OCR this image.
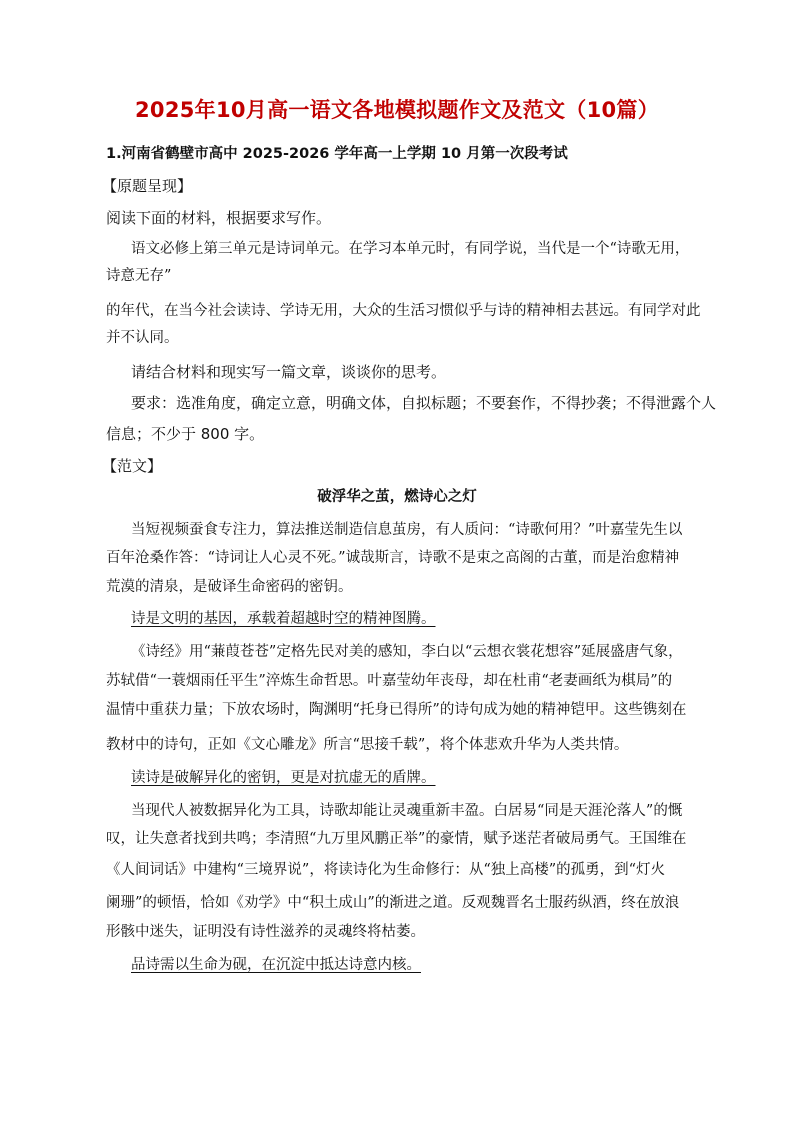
2025年10月高一语文各地模拟题作文及范文（10篇）
1.河南省鹤壁市高中 2025-2026 学年高一上学期 10 月第一次段考试
【原题呈现】
阅读下面的材料，根据要求写作。
语文必修上第三单元是诗词单元。在学习本单元时，有同学说，当代是一个“诗歌无用，
诗意无存”
的年代，在当今社会读诗、学诗无用，大众的生活习惯似乎与诗的精神相去甚远。有同学对此
并不认同。
请结合材料和现实写一篇文章，谈谈你的思考。
要求：选准角度，确定立意，明确文体，自拟标题；不要套作，不得抄袭；不得泄露个人
信息；不少于 800 字。
【范文】
破浮华之茧，燃诗心之灯
当短视频蚕食专注力，算法推送制造信息茧房，有人质问：“诗歌何用？”叶嘉莹先生以
百年沧桑作答：“诗词让人心灵不死。”诚哉斯言，诗歌不是束之高阁的古董，而是治愈精神
荒漠的清泉，是破译生命密码的密钥。
诗是文明的基因，承载着超越时空的精神图腾。
《诗经》用“蒹葭苍苍”定格先民对美的感知，李白以“云想衣裳花想容”延展盛唐气象，
苏轼借“一蓑烟雨任平生”淬炼生命哲思。叶嘉莹幼年丧母，却在杜甫“老妻画纸为棋局”的
温情中重获力量；下放农场时，陶渊明“托身已得所”的诗句成为她的精神铠甲。这些镌刻在
教材中的诗句，正如《文心雕龙》所言“思接千载”，将个体悲欢升华为人类共情。
读诗是破解异化的密钥，更是对抗虚无的盾牌。
当现代人被数据异化为工具，诗歌却能让灵魂重新丰盈。白居易“同是天涯沦落人”的慨
叹，让失意者找到共鸣；李清照“九万里风鹏正举”的豪情，赋予迷茫者破局勇气。王国维在
《人间词话》中建构“三境界说”，将读诗化为生命修行：从“独上高楼”的孤勇，到“灯火
阑珊”的顿悟，恰如《劝学》中“积土成山”的渐进之道。反观魏晋名士服药纵酒，终在放浪
形骸中迷失，证明没有诗性滋养的灵魂终将枯萎。
品诗需以生命为砚，在沉淀中抵达诗意内核。
